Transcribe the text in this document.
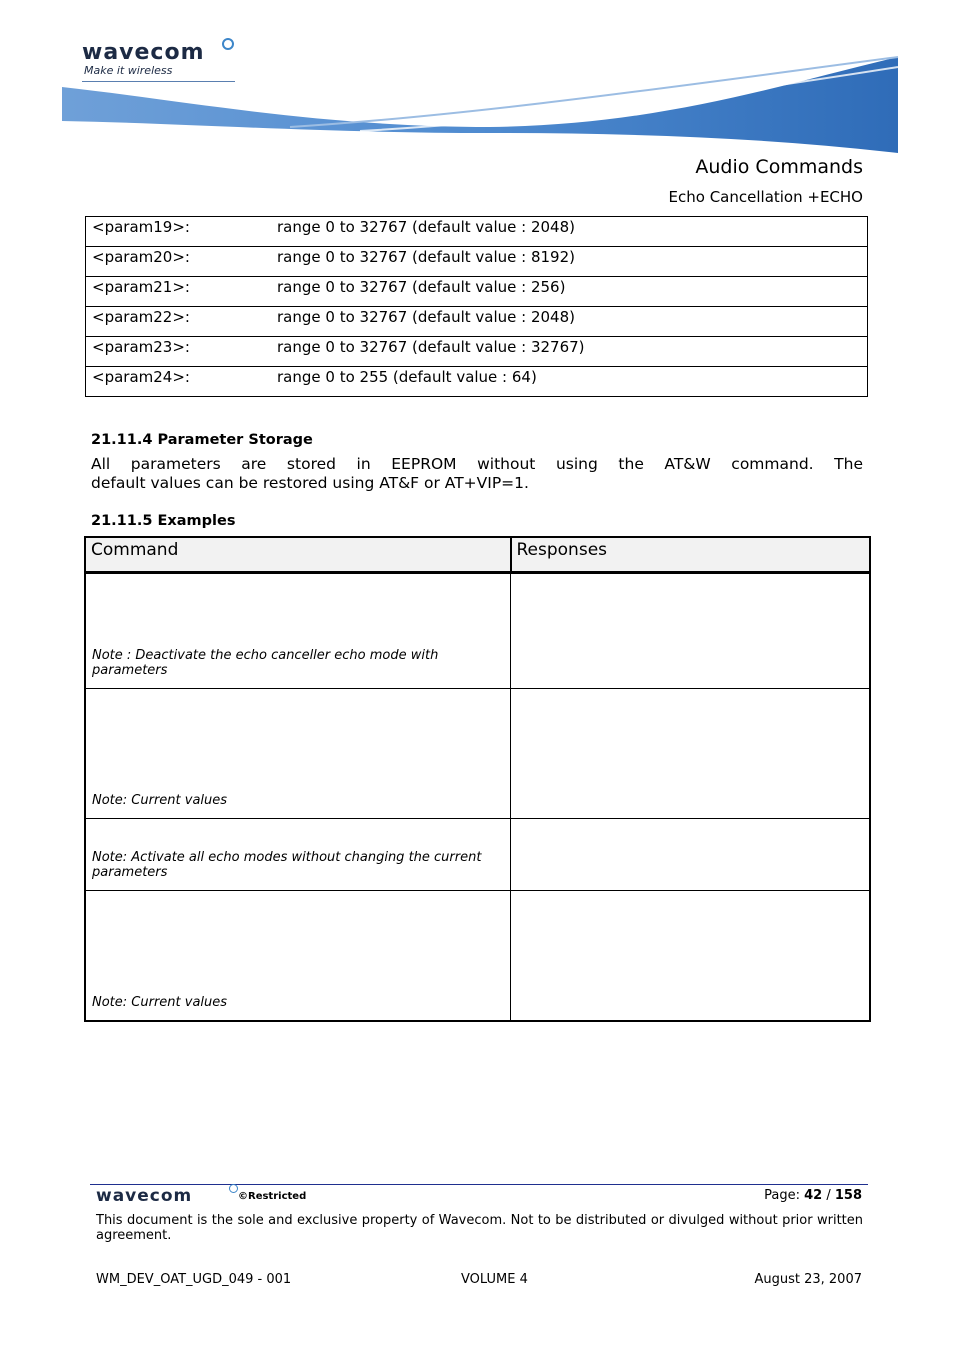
wavecom
Make it wireless
Audio Commands
Echo Cancellation +ECHO
<param19>:	range 0 to 32767 (default value : 2048)
<param20>:	range 0 to 32767 (default value : 8192)
<param21>:	range 0 to 32767 (default value : 256)
<param22>:	range 0 to 32767 (default value : 2048)
<param23>:	range 0 to 32767 (default value : 32767)
<param24>:	range 0 to 255 (default value : 64)
21.11.4 Parameter Storage
All parameters are stored in EEPROM without using the AT&W command. The
default values can be restored using AT&F or AT+VIP=1.
21.11.5 Examples
Command	Responses

Note : Deactivate the echo canceller echo mode with parameters	

Note: Current values	

Note: Activate all echo modes without changing the current parameters	

Note: Current values	

wavecom	©Restricted	Page: 42 / 158
This document is the sole and exclusive property of Wavecom. Not to be distributed or divulged without prior written agreement.
WM_DEV_OAT_UGD_049 - 001	VOLUME 4	August 23, 2007
